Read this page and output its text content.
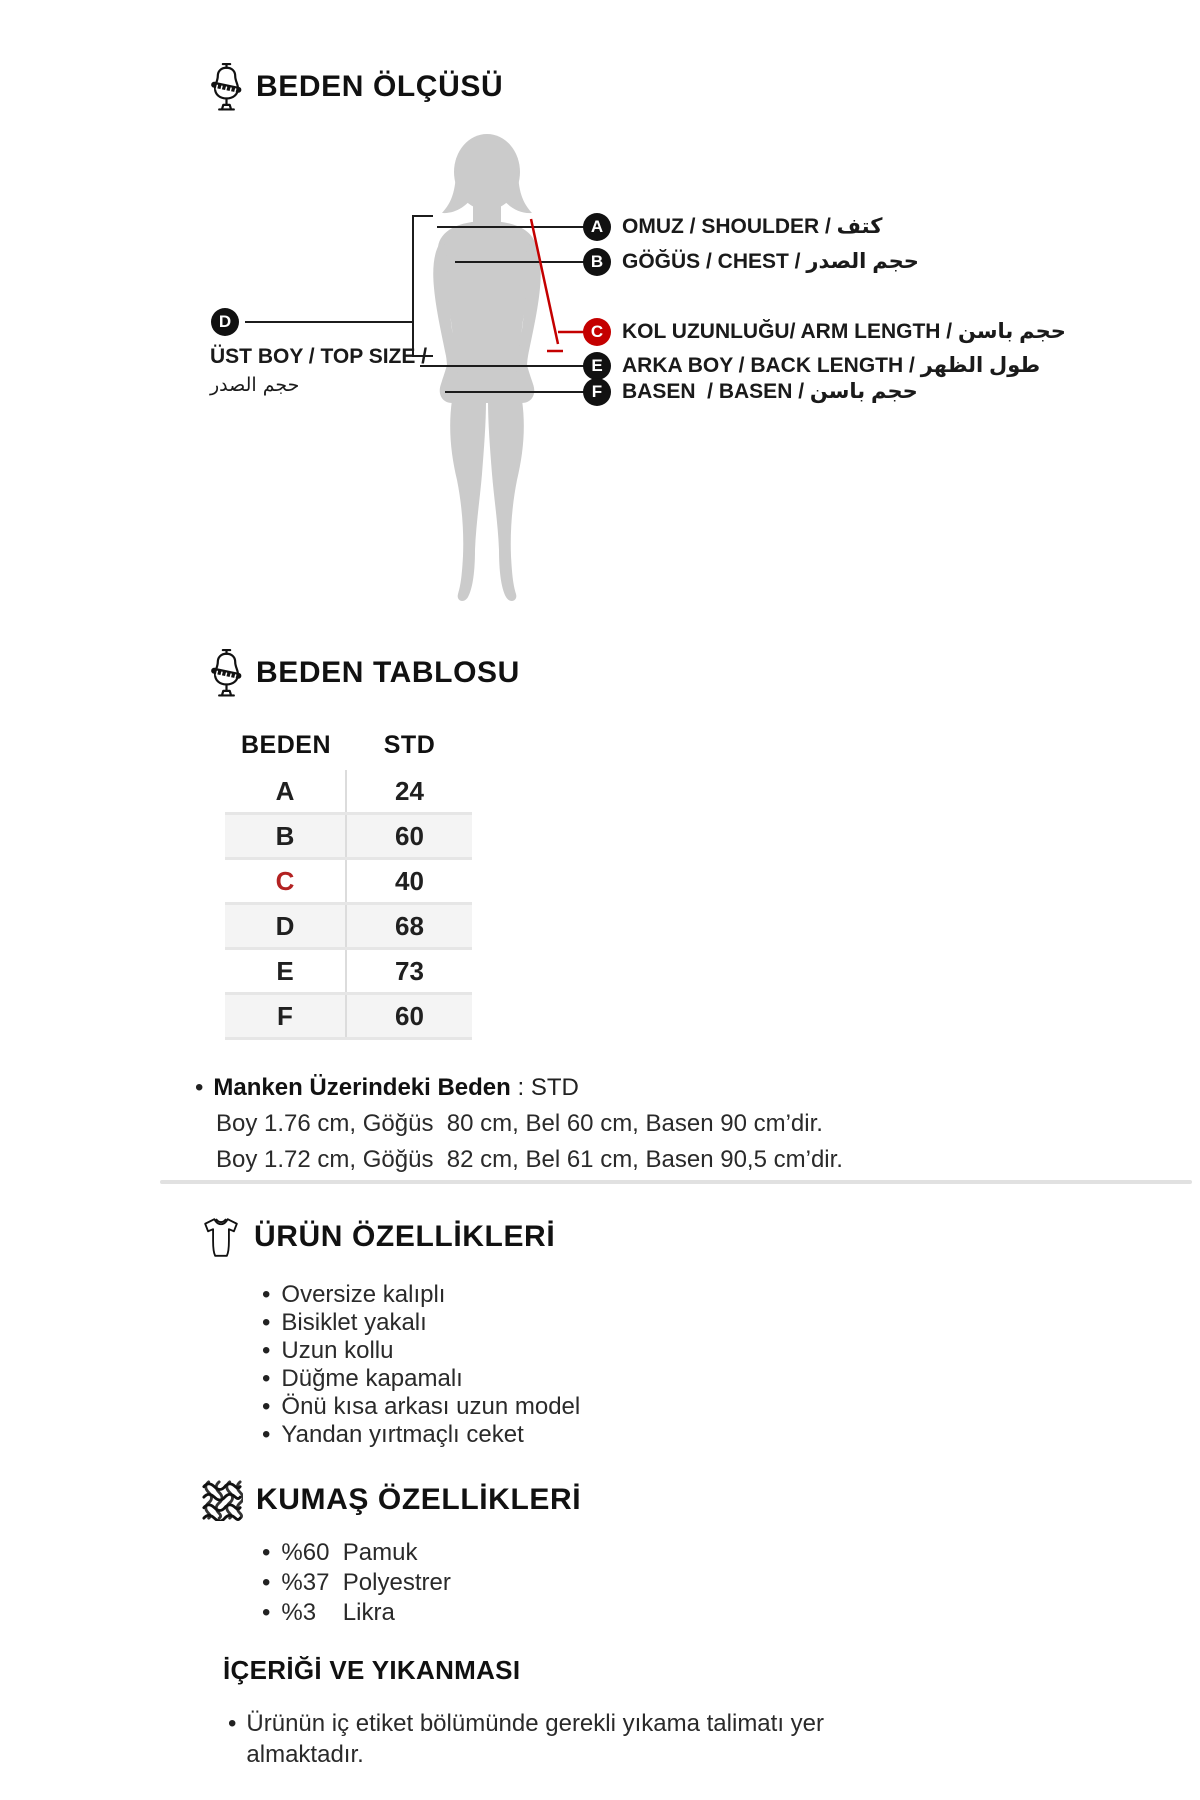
BEDEN ÖLÇÜSÜ
A
B
C
E
F
D
OMUZ / SHOULDER / كتف
GÖĞÜS / CHEST / حجم الصدر
KOL UZUNLUĞU/ ARM LENGTH / حجم باسن
ARKA BOY / BACK LENGTH / طول الظهر
BASEN  / BASEN / حجم باسن
ÜST BOY / TOP SIZE /
حجم الصدر
BEDEN TABLOSU
BEDEN	STD
A	24
B	60
C	40
D	68
E	73
F	60
• Manken Üzerindeki Beden : STD
Boy 1.76 cm, Göğüs  80 cm, Bel 60 cm, Basen 90 cm’dir.
Boy 1.72 cm, Göğüs  82 cm, Bel 61 cm, Basen 90,5 cm’dir.
ÜRÜN ÖZELLİKLERİ
• Oversize kalıplı
• Bisiklet yakalı
• Uzun kollu
• Düğme kapamalı
• Önü kısa arkası uzun model
• Yandan yırtmaçlı ceket
KUMAŞ ÖZELLİKLERİ
• %60  Pamuk
• %37  Polyestrer
• %3    Likra
İÇERİĞİ VE YIKANMASI
• Ürünün iç etiket bölümünde gerekli yıkama talimatı yer almaktadır.
